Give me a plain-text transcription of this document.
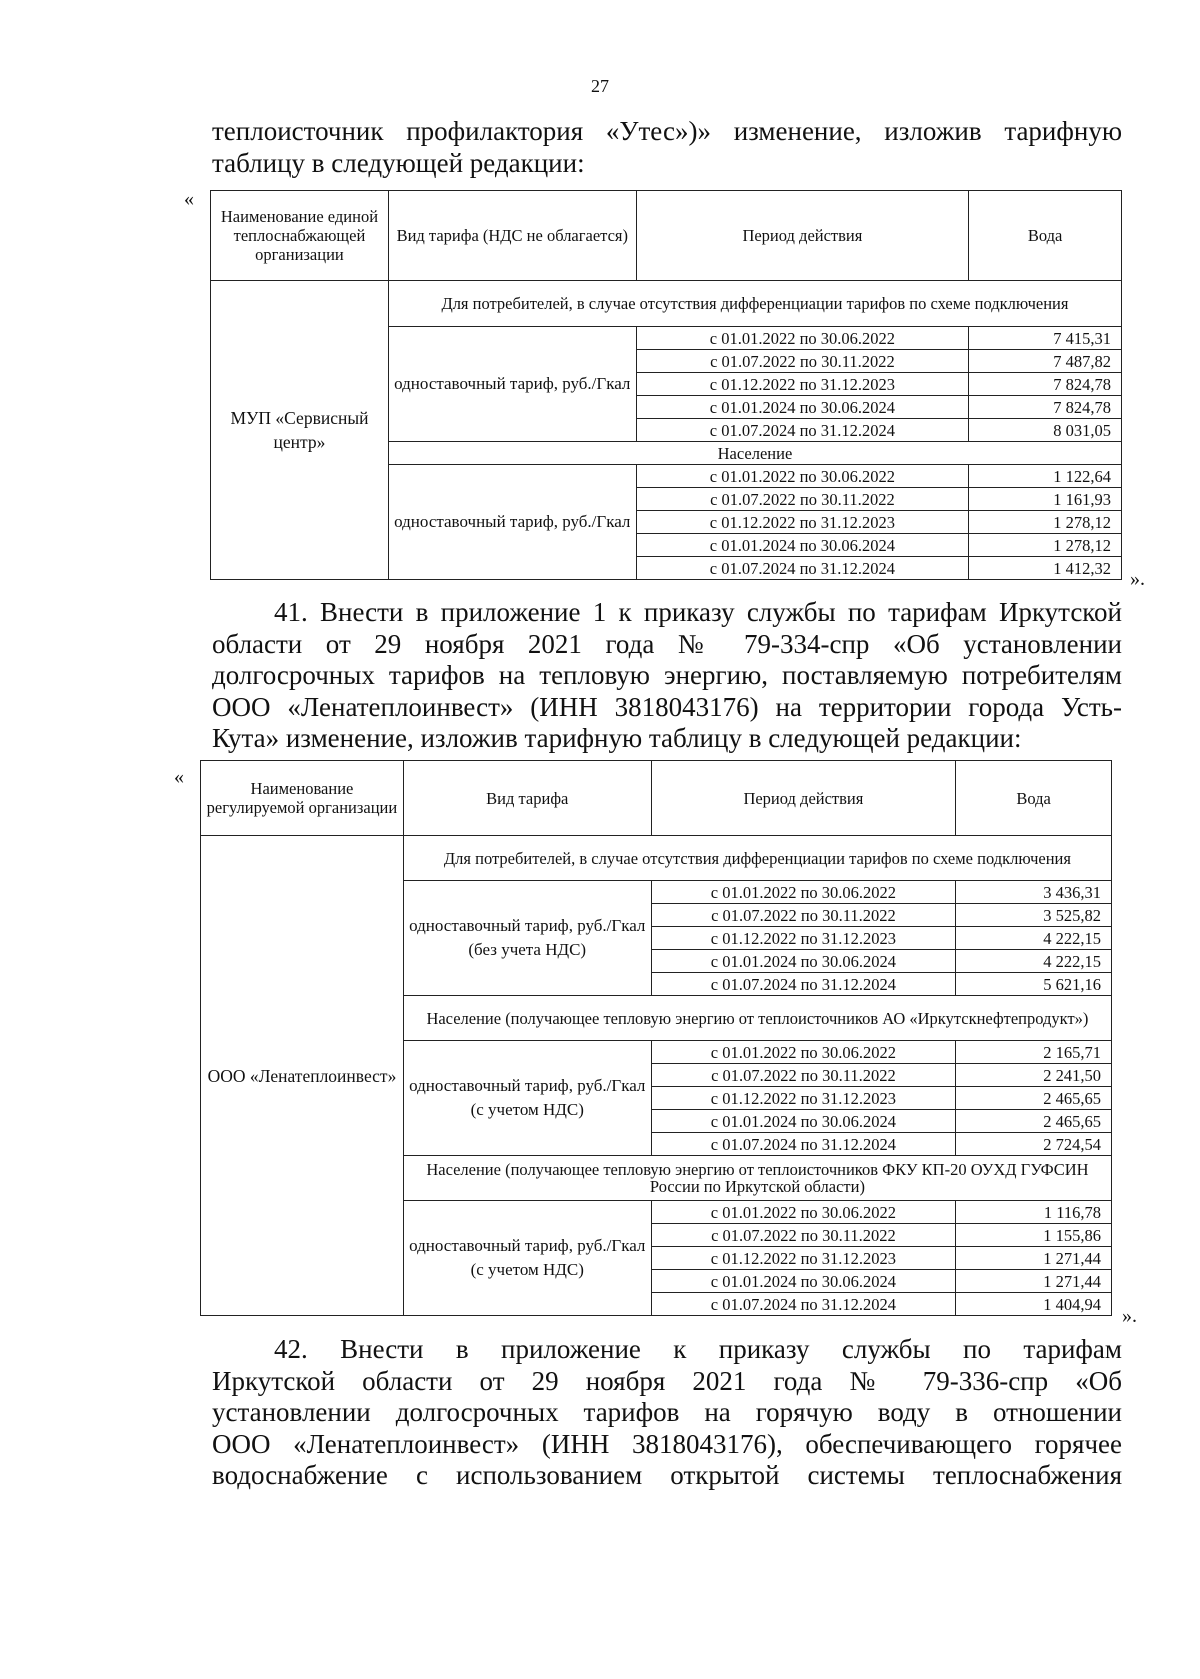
27
теплоисточник профилактория «Утес»)» изменение, изложив тарифную
таблицу в следующей редакции:
«
Наименование единой теплоснабжающей организации	Вид тарифа (НДС не облагается)	Период действия	Вода
МУП «Сервисный центр»	Для потребителей, в случае отсутствия дифференциации тарифов по схеме подключения		
	одноставочный тариф, руб./Гкал	с 01.01.2022 по 30.06.2022	7 415,31
		с 01.07.2022 по 30.11.2022	7 487,82
		с 01.12.2022 по 31.12.2023	7 824,78
		с 01.01.2024 по 30.06.2024	7 824,78
		с 01.07.2024 по 31.12.2024	8 031,05
	Население		
	одноставочный тариф, руб./Гкал	с 01.01.2022 по 30.06.2022	1 122,64
		с 01.07.2022 по 30.11.2022	1 161,93
		с 01.12.2022 по 31.12.2023	1 278,12
		с 01.01.2024 по 30.06.2024	1 278,12
		с 01.07.2024 по 31.12.2024	1 412,32 ».
41. Внести в приложение 1 к приказу службы по тарифам Иркутской
области от 29 ноября 2021 года № 79-334-спр «Об установлении
долгосрочных тарифов на тепловую энергию, поставляемую потребителям
ООО «Ленатеплоинвест» (ИНН 3818043176) на территории города Усть-
Кута» изменение, изложив тарифную таблицу в следующей редакции:
«
Наименование регулируемой организации	Вид тарифа	Период действия	Вода
ООО «Ленатеплоинвест»	Для потребителей, в случае отсутствия дифференциации тарифов по схеме подключения		
	одноставочный тариф, руб./Гкал (без учета НДС)	с 01.01.2022 по 30.06.2022	3 436,31
		с 01.07.2022 по 30.11.2022	3 525,82
		с 01.12.2022 по 31.12.2023	4 222,15
		с 01.01.2024 по 30.06.2024	4 222,15
		с 01.07.2024 по 31.12.2024	5 621,16
	Население (получающее тепловую энергию от теплоисточников АО «Иркутскнефтепродукт»)		
	одноставочный тариф, руб./Гкал (с учетом НДС)	с 01.01.2022 по 30.06.2022	2 165,71
		с 01.07.2022 по 30.11.2022	2 241,50
		с 01.12.2022 по 31.12.2023	2 465,65
		с 01.01.2024 по 30.06.2024	2 465,65
		с 01.07.2024 по 31.12.2024	2 724,54
	Население (получающее тепловую энергию от теплоисточников ФКУ КП-20 ОУХД ГУФСИН России по Иркутской области)		
	одноставочный тариф, руб./Гкал (с учетом НДС)	с 01.01.2022 по 30.06.2022	1 116,78
		с 01.07.2022 по 30.11.2022	1 155,86
		с 01.12.2022 по 31.12.2023	1 271,44
		с 01.01.2024 по 30.06.2024	1 271,44
		с 01.07.2024 по 31.12.2024	1 404,94
».
42. Внести в приложение к приказу службы по тарифам
Иркутской области от 29 ноября 2021 года № 79-336-спр «Об
установлении долгосрочных тарифов на горячую воду в отношении
ООО «Ленатеплоинвест» (ИНН 3818043176), обеспечивающего горячее
водоснабжение с использованием открытой системы теплоснабжения
